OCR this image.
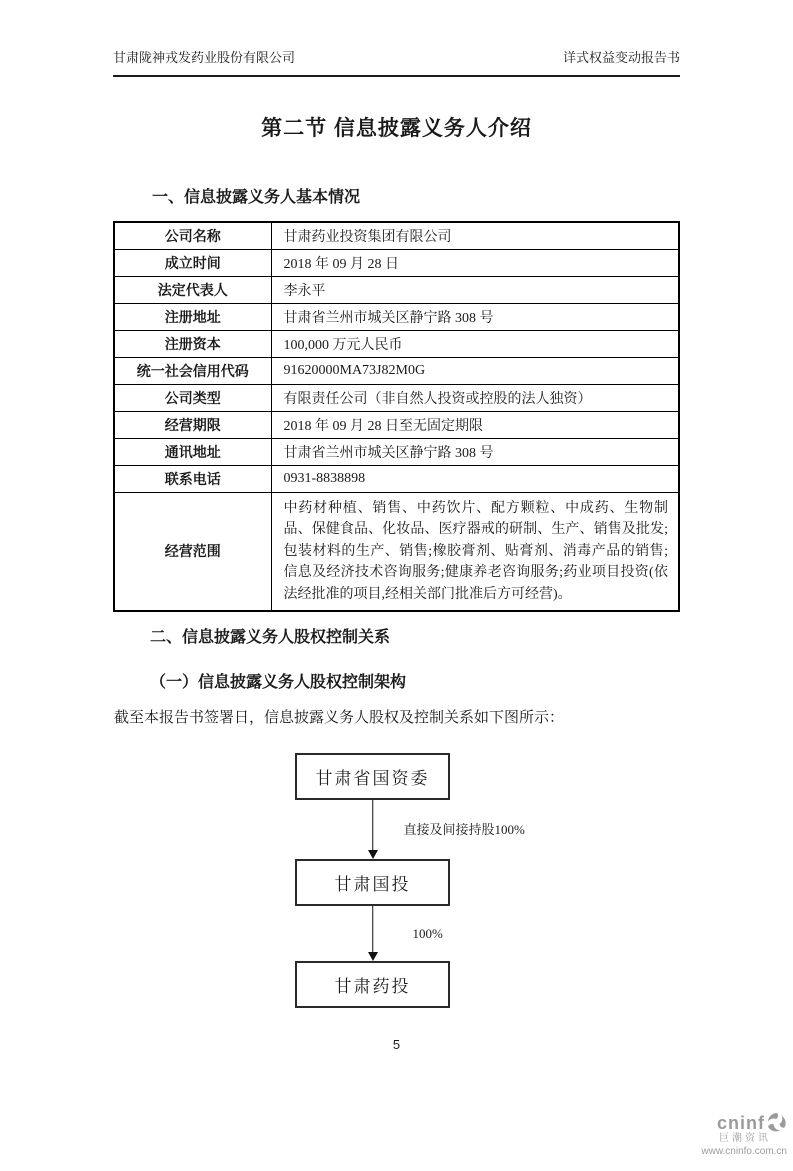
甘肃陇神戎发药业股份有限公司	详式权益变动报告书
第二节 信息披露义务人介绍
一、信息披露义务人基本情况
公司名称	甘肃药业投资集团有限公司
成立时间	2018 年 09 月 28 日
法定代表人	李永平
注册地址	甘肃省兰州市城关区静宁路 308 号
注册资本	100,000 万元人民币
统一社会信用代码	91620000MA73J82M0G
公司类型	有限责任公司（非自然人投资或控股的法人独资）
经营期限	2018 年 09 月 28 日至无固定期限
通讯地址	甘肃省兰州市城关区静宁路 308 号
联系电话	0931-8838898
经营范围	中药材种植、销售、中药饮片、配方颗粒、中成药、生物制品、保健食品、化妆品、医疗器戒的研制、生产、销售及批发;包装材料的生产、销售;橡胶膏剂、贴膏剂、消毒产品的销售;信息及经济技术咨询服务;健康养老咨询服务;药业项目投资(依法经批准的项目,经相关部门批准后方可经营)。
二、信息披露义务人股权控制关系
（一）信息披露义务人股权控制架构
截至本报告书签署日，信息披露义务人股权及控制关系如下图所示：
甘肃省国资委
直接及间接持股100%
甘肃国投
100%
甘肃药投
5
cninf
巨潮资讯
www.cninfo.com.cn
